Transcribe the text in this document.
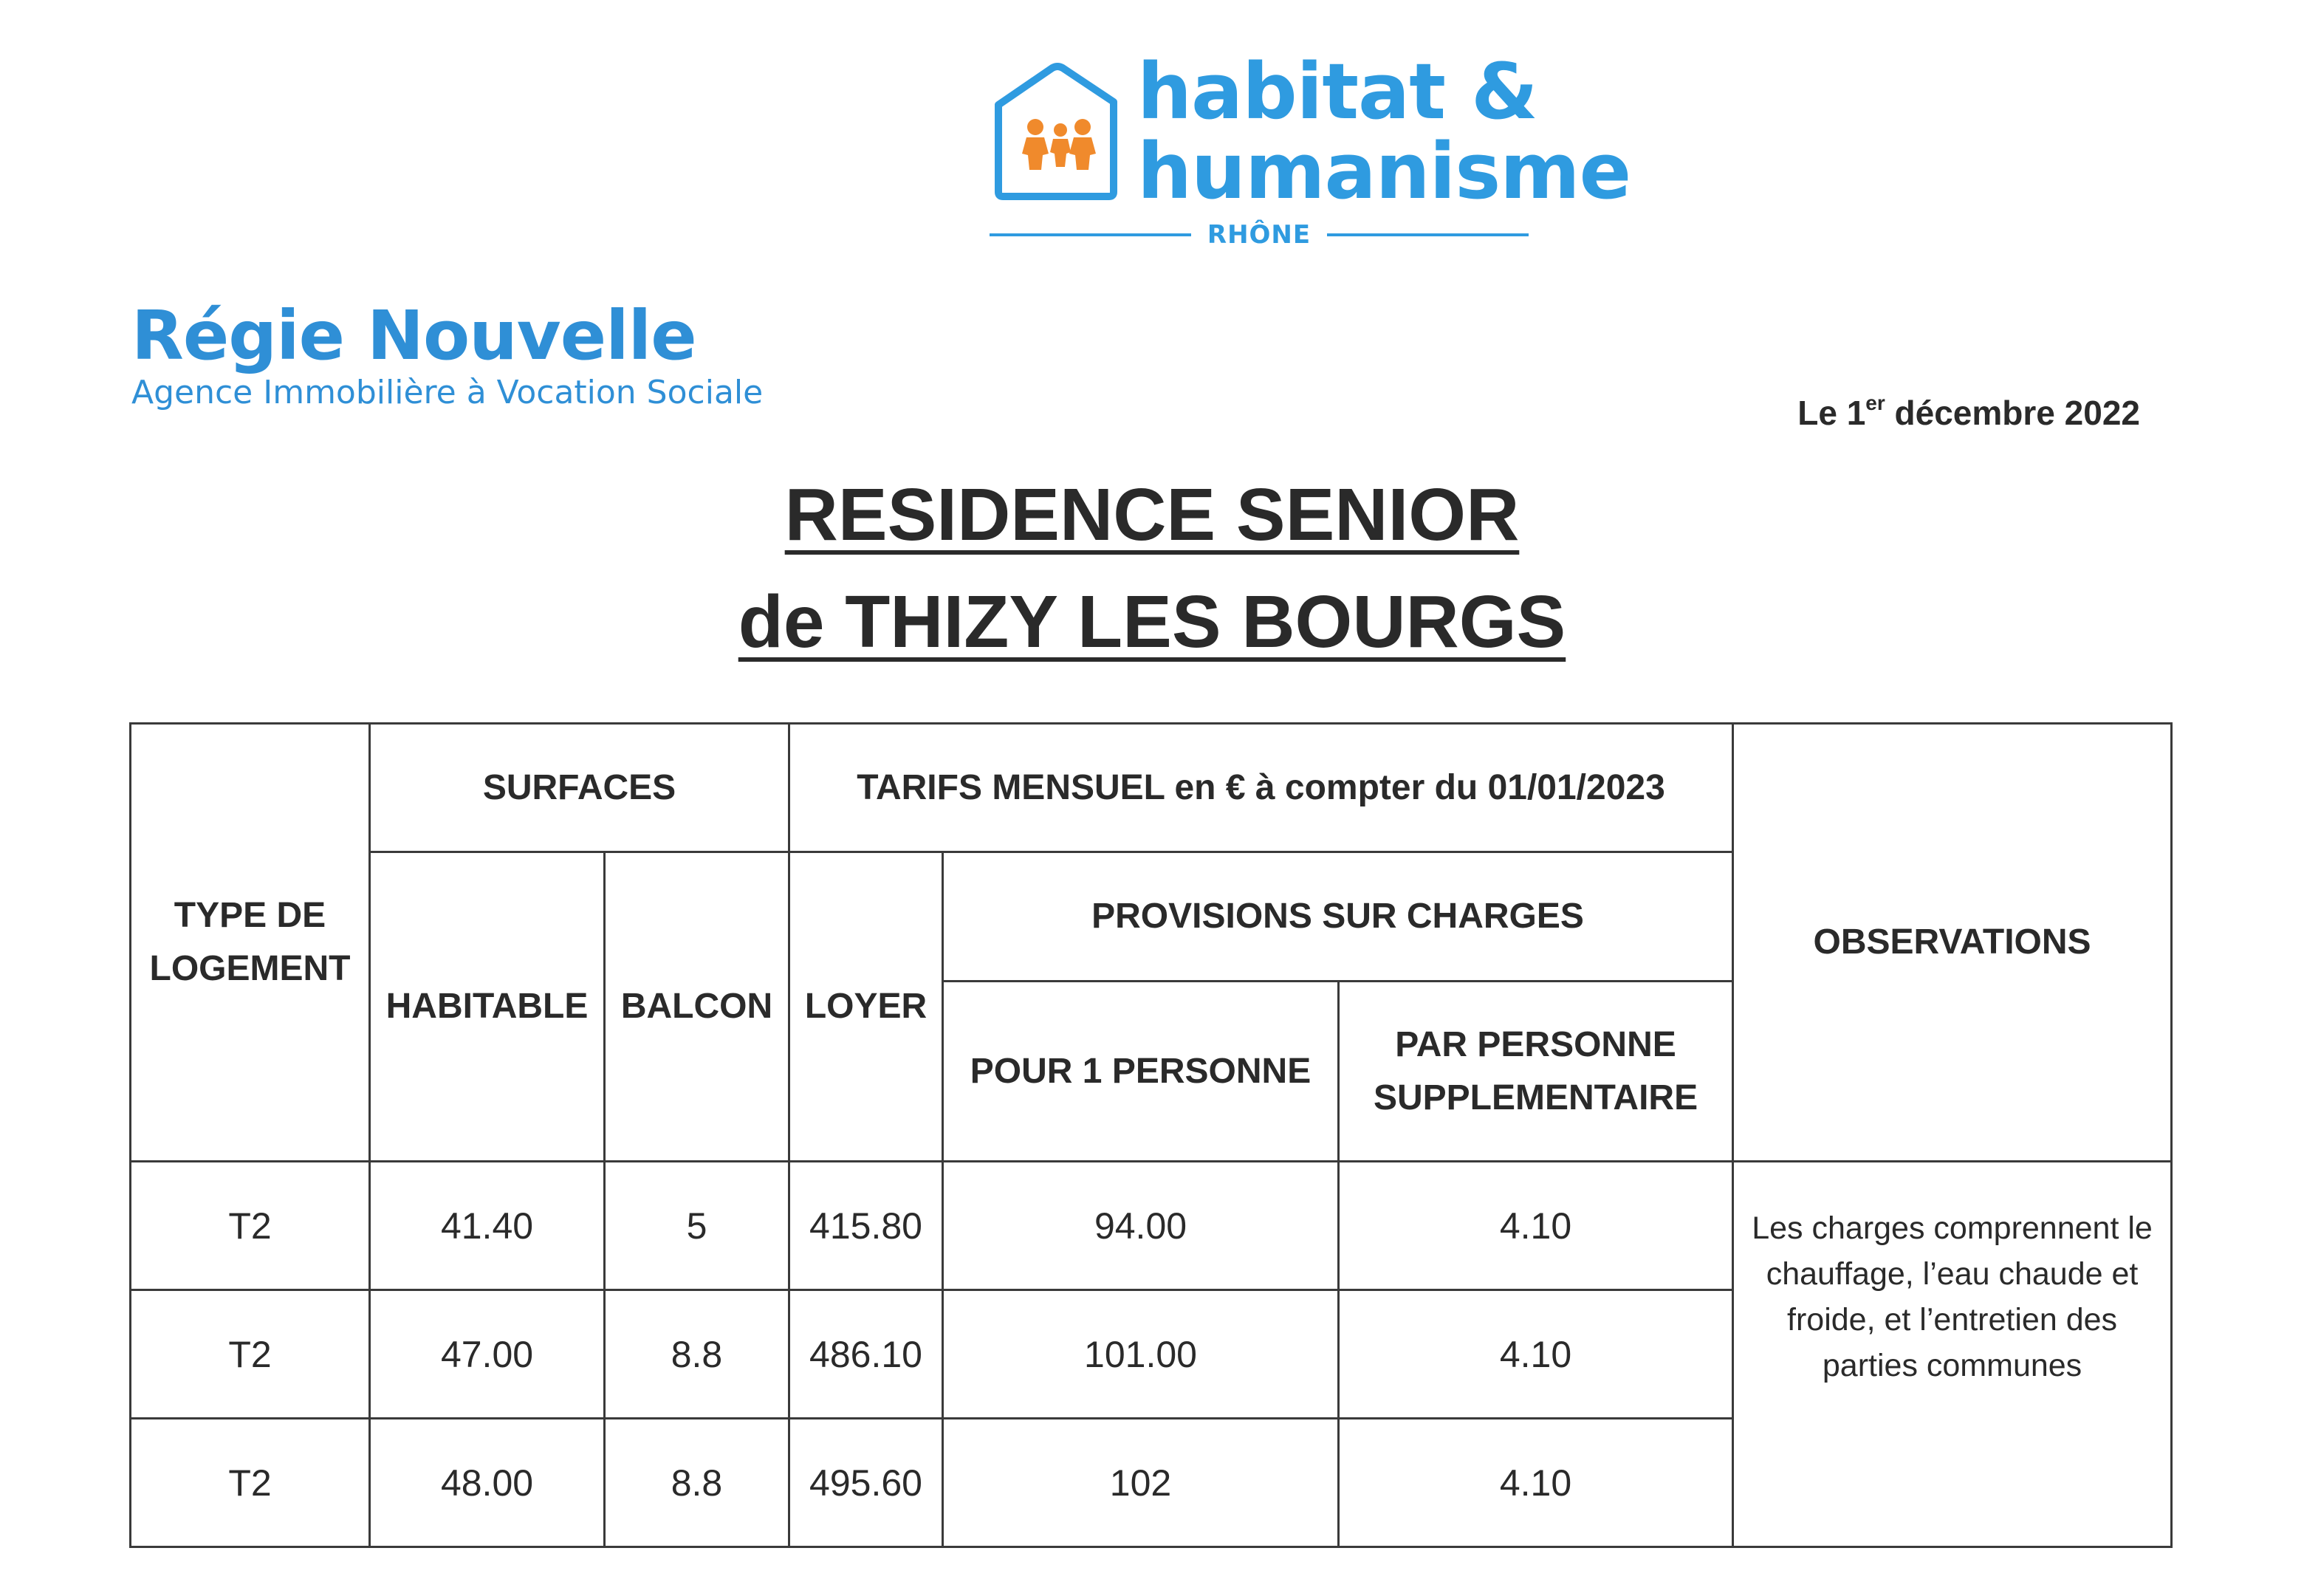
habitat &
humanisme
RHÔNE
Régie Nouvelle
Agence Immobilière à Vocation Sociale
Le 1er décembre 2022
RESIDENCE SENIOR
de THIZY LES BOURGS
TYPE DE LOGEMENT	SURFACES		TARIFS MENSUEL en € à compter du 01/01/2023			OBSERVATIONS
	HABITABLE	BALCON	LOYER	PROVISIONS SUR CHARGES		
				POUR 1 PERSONNE	PAR PERSONNE SUPPLEMENTAIRE	
T2	41.40	5	415.80	94.00	4.10	Les charges comprennent le chauffage, l’eau chaude et froide, et l’entretien des parties communes
T2	47.00	8.8	486.10	101.00	4.10	
T2	48.00	8.8	495.60	102	4.10	
